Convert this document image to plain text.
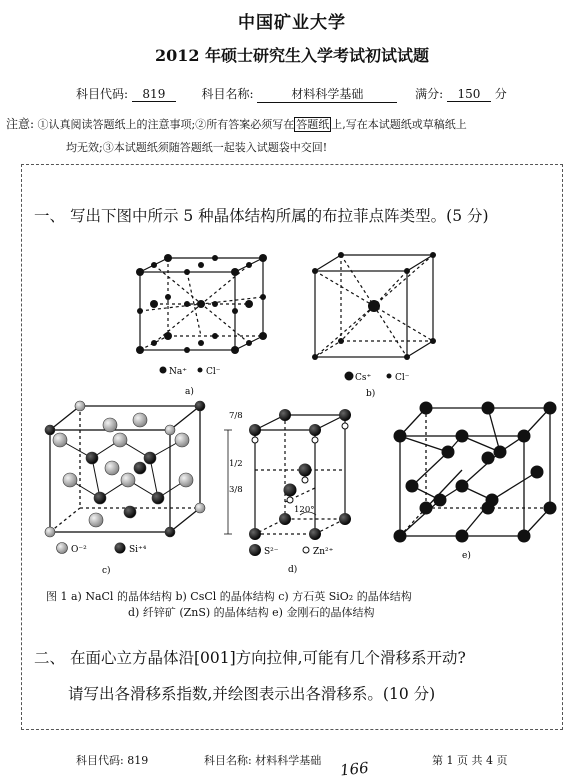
中国矿业大学
2012 年硕士研究生入学考试初试试题
科目代码: 819	科目名称:	材料科学基础	满分: 150 分
注意: ①认真阅读答题纸上的注意事项;②所有答案必须写在 答题纸 上,写在本试题纸或草稿纸上
均无效;③本试题纸须随答题纸一起装入试题袋中交回!
一、 写出下图中所示 5 种晶体结构所属的布拉菲点阵类型。(5 分)
Na⁺ Cl⁻
a)
Cs⁺	Cl⁻
b)
O⁻²	Si⁺⁴
c)
7/8
1/2
3/8
120°
S²⁻	Zn²⁺
d)
e)
图 1 a) NaCl 的晶体结构 b) CsCl 的晶体结构 c) 方石英 SiO₂ 的晶体结构
d) 纤锌矿 (ZnS) 的晶体结构 e) 金刚石的晶体结构
二、 在面心立方晶体沿[001]方向拉伸,可能有几个滑移系开动?
请写出各滑移系指数,并绘图表示出各滑移系。(10 分)
科目代码: 819	科目名称: 材料科学基础 166	第 1 页 共 4 页
